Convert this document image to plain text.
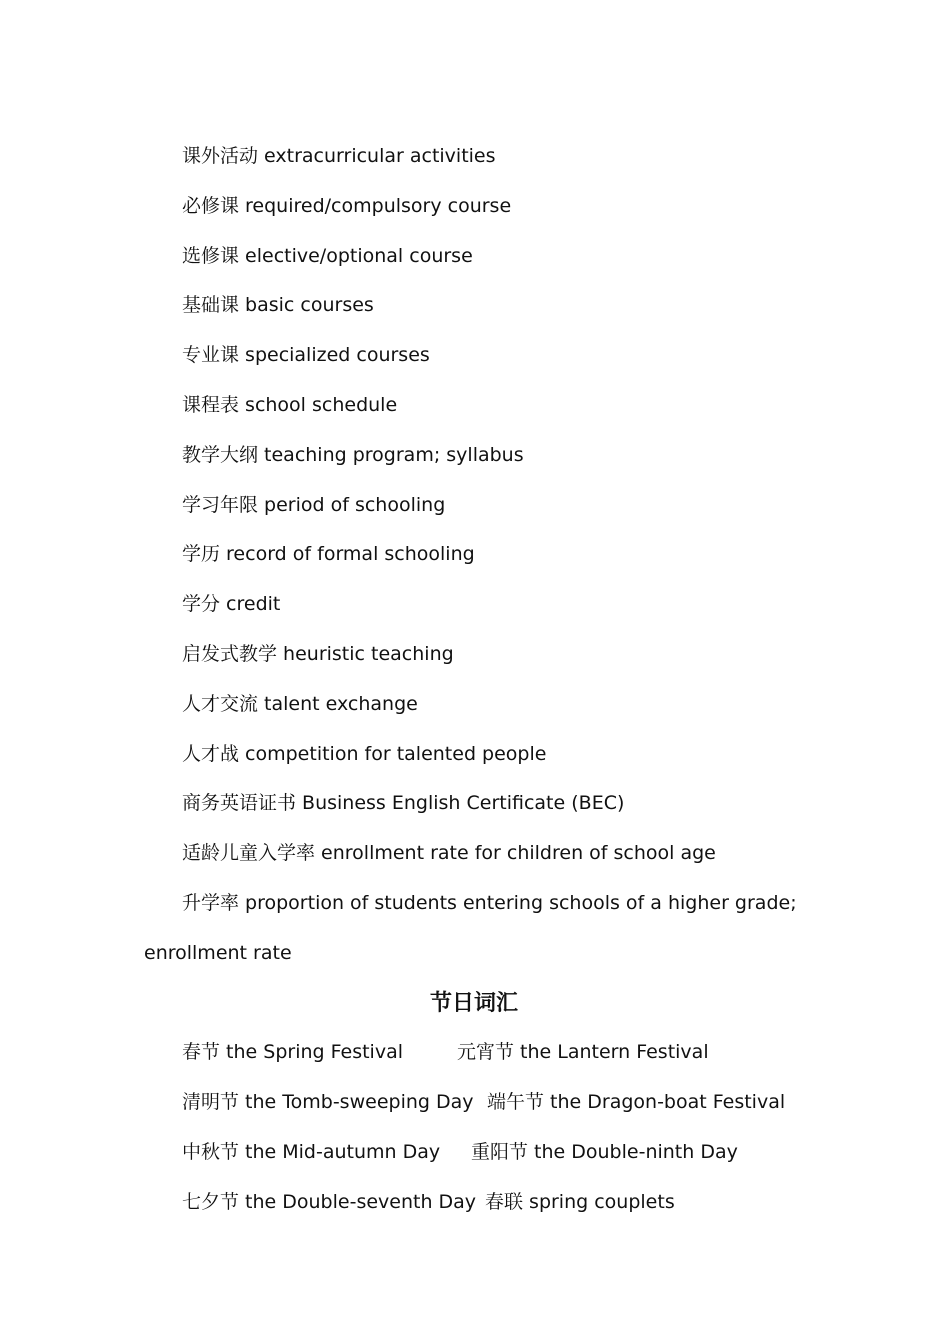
课外活动 extracurricular activities
必修课 required/compulsory course
选修课 elective/optional course
基础课 basic courses
专业课 specialized courses
课程表 school schedule
教学大纲 teaching program; syllabus
学习年限 period of schooling
学历 record of formal schooling
学分 credit
启发式教学 heuristic teaching
人才交流 talent exchange
人才战 competition for talented people
商务英语证书 Business English Certificate (BEC)
适龄儿童入学率 enrollment rate for children of school age
升学率 proportion of students entering schools of a higher grade;
enrollment rate
节日词汇
春节 the Spring Festival	元宵节 the Lantern Festival
清明节 the Tomb-sweeping Day 端午节 the Dragon-boat Festival
中秋节 the Mid-autumn Day	重阳节 the Double-ninth Day
七夕节 the Double-seventh Day 春联 spring couplets
